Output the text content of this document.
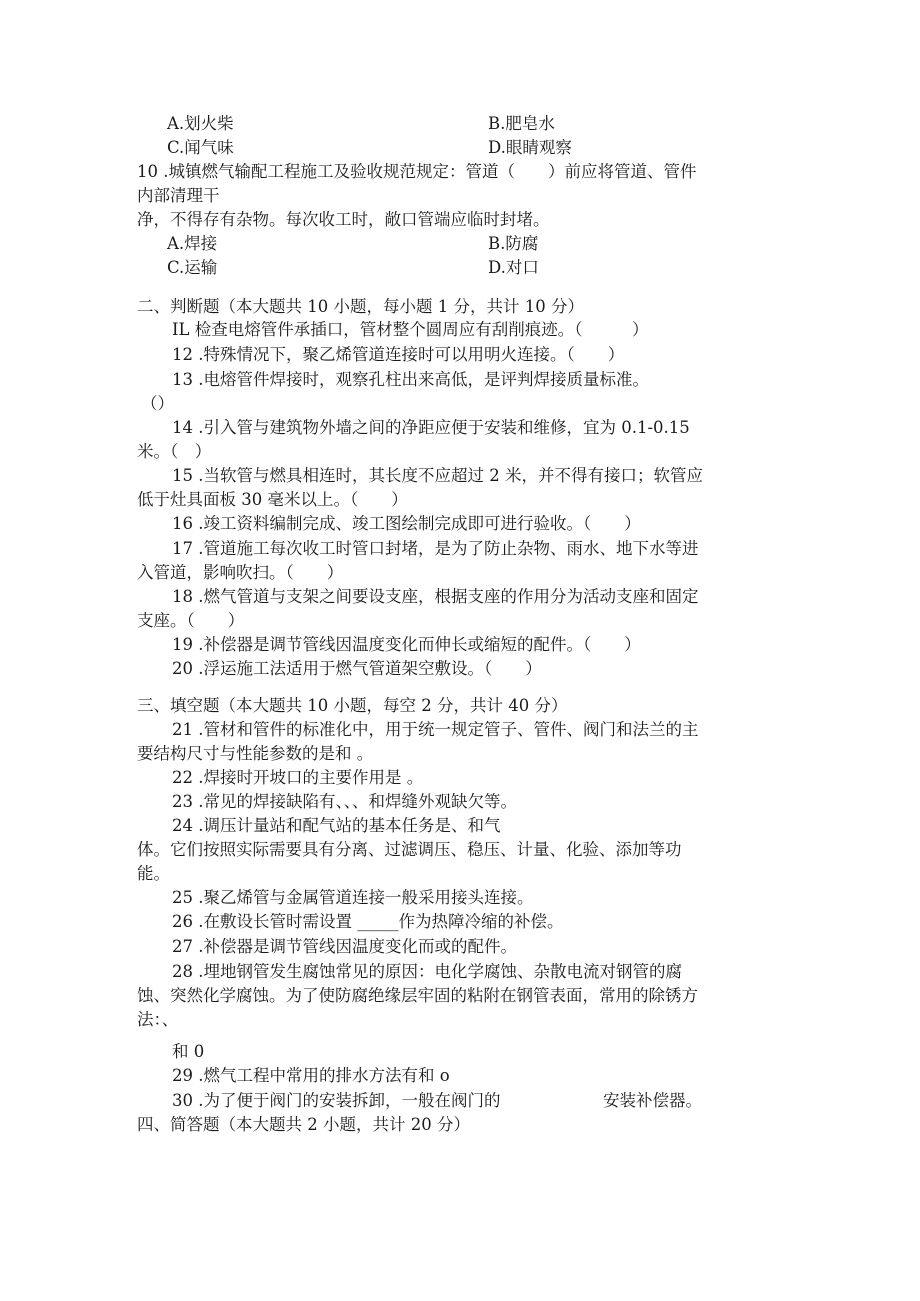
A.划火柴	B.肥皂水
C.闻气味	D.眼睛观察
10 .城镇燃气输配工程施工及验收规范规定：管道（　　）前应将管道、管件
内部清理干
净，不得存有杂物。每次收工时，敞口管端应临时封堵。
A.焊接	B.防腐
C.运输	D.对口
二、判断题（本大题共 10 小题，每小题 1 分，共计 10 分）
IL 检查电熔管件承插口，管材整个圆周应有刮削痕迹。（　　　）
12 .特殊情况下，聚乙烯管道连接时可以用明火连接。（　　）
13 .电熔管件焊接时，观察孔柱出来高低，是评判焊接质量标准。
（）
14 .引入管与建筑物外墙之间的净距应便于安装和维修，宜为 0.1-0.15
米。（　）
15 .当软管与燃具相连时，其长度不应超过 2 米，并不得有接口；软管应
低于灶具面板 30 毫米以上。（　　）
16 .竣工资料编制完成、竣工图绘制完成即可进行验收。（　　）
17 .管道施工每次收工时管口封堵，是为了防止杂物、雨水、地下水等进
入管道，影响吹扫。（　　）
18 .燃气管道与支架之间要设支座，根据支座的作用分为活动支座和固定
支座。（　　）
19 .补偿器是调节管线因温度变化而伸长或缩短的配件。（　　）
20 .浮运施工法适用于燃气管道架空敷设。（　　）
三、填空题（本大题共 10 小题，每空 2 分，共计 40 分）
21 .管材和管件的标准化中，用于统一规定管子、管件、阀门和法兰的主
要结构尺寸与性能参数的是和 。
22 .焊接时开坡口的主要作用是 。
23 .常见的焊接缺陷有、、、和焊缝外观缺欠等。
24 .调压计量站和配气站的基本任务是、和气
体。它们按照实际需要具有分离、过滤调压、稳压、计量、化验、添加等功
能。
25 .聚乙烯管与金属管道连接一般采用接头连接。
26 .在敷设长管时需设置 _____作为热障冷缩的补偿。
27 .补偿器是调节管线因温度变化而或的配件。
28 .埋地钢管发生腐蚀常见的原因：电化学腐蚀、杂散电流对钢管的腐
蚀、突然化学腐蚀。为了使防腐绝缘层牢固的粘附在钢管表面，常用的除锈方
法：、
和 0
29 .燃气工程中常用的排水方法有和 o
30 .为了便于阀门的安装拆卸，一般在阀门的	安装补偿器。
四、简答题（本大题共 2 小题，共计 20 分）
